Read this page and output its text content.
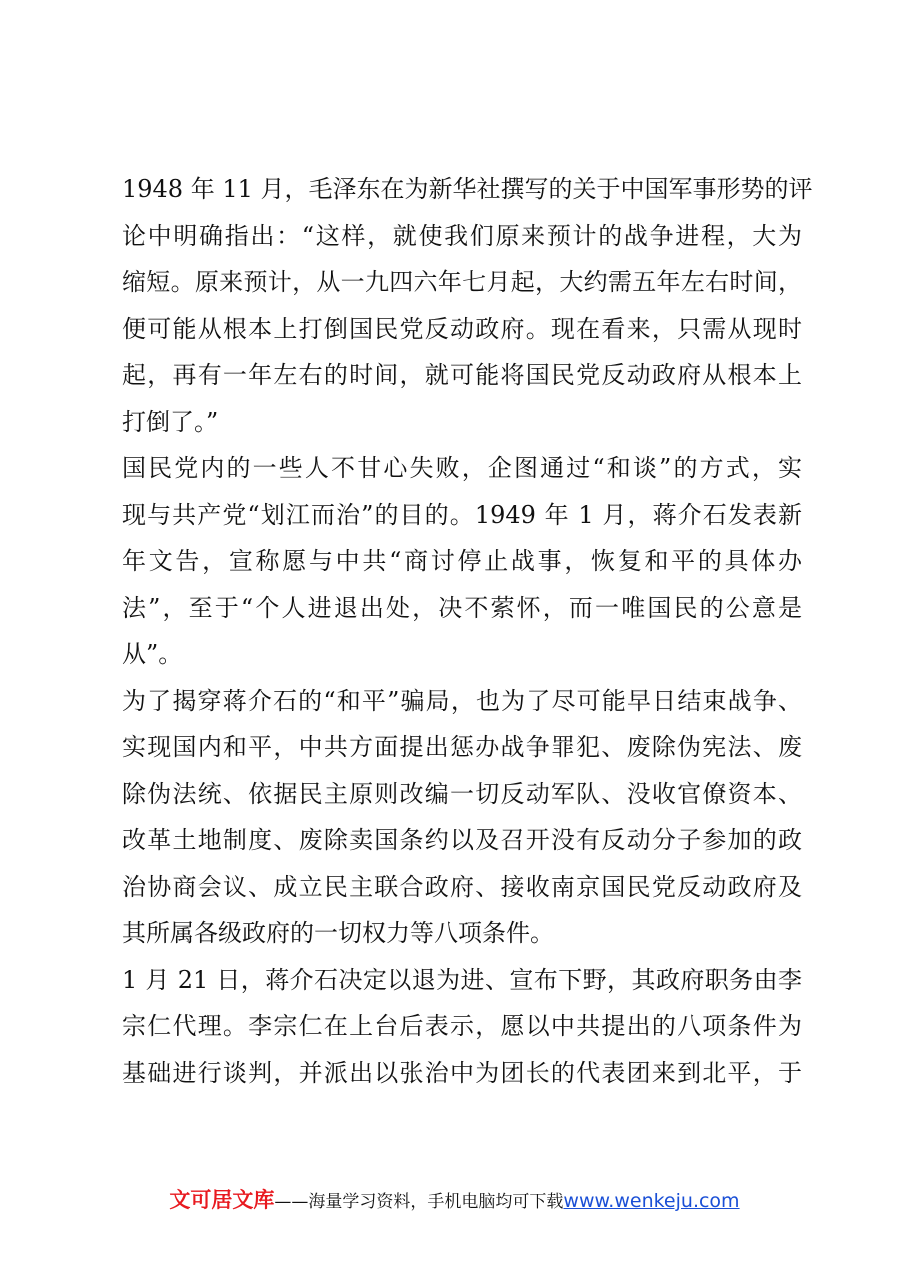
1948 年 11 月，毛泽东在为新华社撰写的关于中国军事形势的评
论中明确指出：“这样，就使我们原来预计的战争进程，大为
缩短。原来预计，从一九四六年七月起，大约需五年左右时间，
便可能从根本上打倒国民党反动政府。现在看来，只需从现时
起，再有一年左右的时间，就可能将国民党反动政府从根本上
打倒了。”
国民党内的一些人不甘心失败，企图通过“和谈”的方式，实
现与共产党“划江而治”的目的。1949 年 1 月，蒋介石发表新
年文告，宣称愿与中共“商讨停止战事，恢复和平的具体办
法”，至于“个人进退出处，决不萦怀，而一唯国民的公意是
从”。
为了揭穿蒋介石的“和平”骗局，也为了尽可能早日结束战争、
实现国内和平，中共方面提出惩办战争罪犯、废除伪宪法、废
除伪法统、依据民主原则改编一切反动军队、没收官僚资本、
改革土地制度、废除卖国条约以及召开没有反动分子参加的政
治协商会议、成立民主联合政府、接收南京国民党反动政府及
其所属各级政府的一切权力等八项条件。
1 月 21 日，蒋介石决定以退为进、宣布下野，其政府职务由李
宗仁代理。李宗仁在上台后表示，愿以中共提出的八项条件为
基础进行谈判，并派出以张治中为团长的代表团来到北平，于
文可居文库——海量学习资料，手机电脑均可下载www.wenkeju.com
